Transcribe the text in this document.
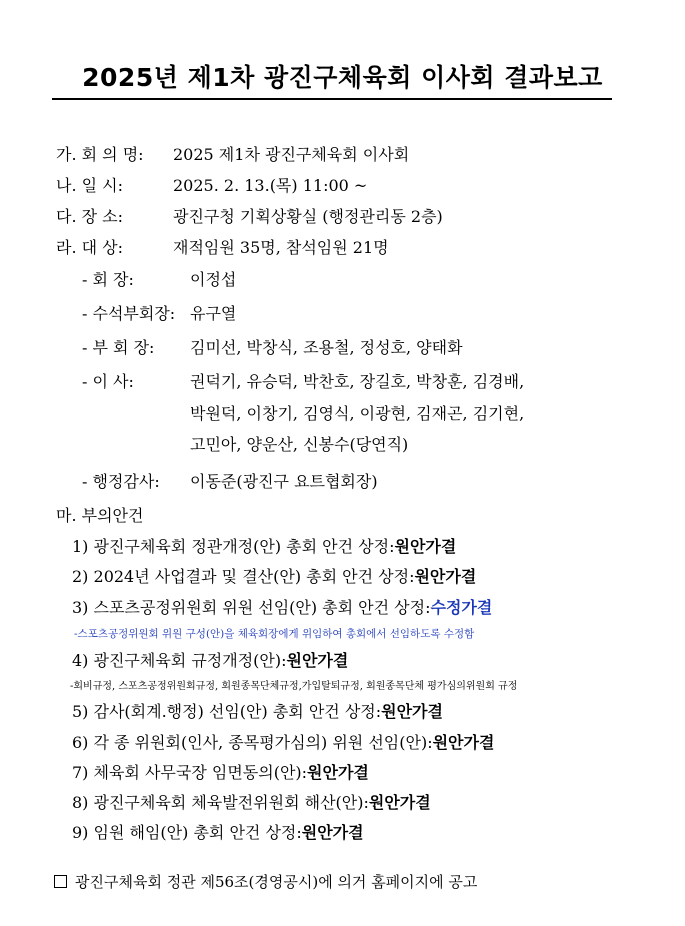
2025년 제1차 광진구체육회 이사회 결과보고
가. 회 의 명: 2025 제1차 광진구체육회 이사회
나. 일 시:	2025. 2. 13.(목) 11:00 ~
다. 장 소:	광진구청 기획상황실 (행정관리동 2층)
라. 대 상:	재적임원 35명, 참석임원 21명
- 회 장:	이정섭
- 수석부회장: 유구열
- 부 회 장: 김미선, 박창식, 조용철, 정성호, 양태화
- 이 사:	권덕기, 유승덕, 박찬호, 장길호, 박창훈, 김경배,
박원덕, 이창기, 김영식, 이광현, 김재곤, 김기현,
고민아, 양운산, 신봉수(당연직)
- 행정감사: 이동준(광진구 요트협회장)
마. 부의안건
1) 광진구체육회 정관개정(안) 총회 안건 상정:원안가결
2) 2024년 사업결과 및 결산(안) 총회 안건 상정:원안가결
3) 스포츠공정위원회 위원 선임(안) 총회 안건 상정:수정가결
-스포츠공정위원회 위원 구성(안)을 체육회장에게 위임하여 총회에서 선임하도록 수정함
4) 광진구체육회 규정개정(안):원안가결
-회비규정, 스포츠공정위원회규정, 회원종목단체규정,가입탈퇴규정, 회원종목단체 평가심의위원회 규정
5) 감사(회계.행정) 선임(안) 총회 안건 상정:원안가결
6) 각 종 위원회(인사, 종목평가심의) 위원 선임(안):원안가결
7) 체육회 사무국장 임면동의(안):원안가결
8) 광진구체육회 체육발전위원회 해산(안):원안가결
9) 임원 해임(안) 총회 안건 상정:원안가결
광진구체육회 정관 제56조(경영공시)에 의거 홈페이지에 공고
